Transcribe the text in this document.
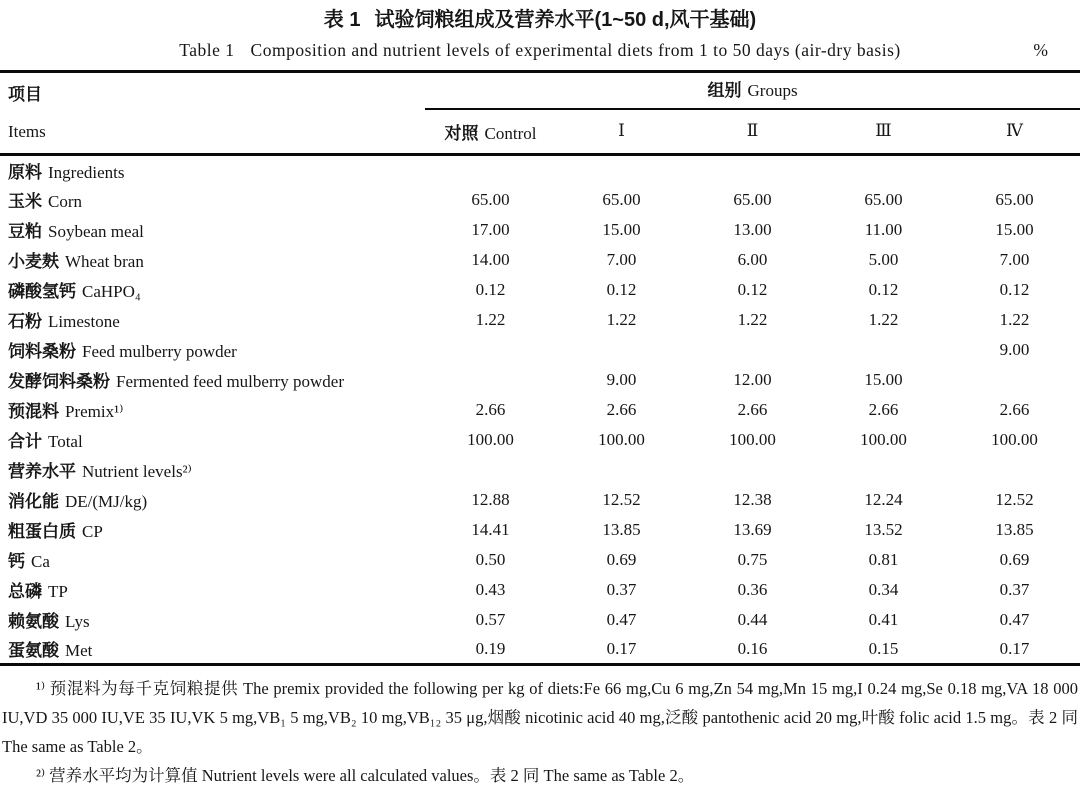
表 1 试验饲粮组成及营养水平(1~50 d,风干基础)
Table 1 Composition and nutrient levels of experimental diets from 1 to 50 days (air-dry basis)	%
项目
Items	组别 Groups				
	对照 Control	Ⅰ	Ⅱ	Ⅲ	Ⅳ
原料 Ingredients					
玉米 Corn	65.00	65.00	65.00	65.00	65.00
豆粕 Soybean meal	17.00	15.00	13.00	11.00	15.00
小麦麸 Wheat bran	14.00	7.00	6.00	5.00	7.00
磷酸氢钙 CaHPO₄	0.12	0.12	0.12	0.12	0.12
石粉 Limestone	1.22	1.22	1.22	1.22	1.22
饲料桑粉 Feed mulberry powder					9.00
发酵饲料桑粉 Fermented feed mulberry powder		9.00	12.00	15.00	
预混料 Premix¹⁾	2.66	2.66	2.66	2.66	2.66
合计 Total	100.00	100.00	100.00	100.00	100.00
营养水平 Nutrient levels²⁾					
消化能 DE/(MJ/kg)	12.88	12.52	12.38	12.24	12.52
粗蛋白质 CP	14.41	13.85	13.69	13.52	13.85
钙 Ca	0.50	0.69	0.75	0.81	0.69
总磷 TP	0.43	0.37	0.36	0.34	0.37
赖氨酸 Lys	0.57	0.47	0.44	0.41	0.47
蛋氨酸 Met	0.19	0.17	0.16	0.15	0.17

¹⁾ 预混料为每千克饲粮提供 The premix provided the following per kg of diets:Fe 66 mg,Cu 6 mg,Zn 54 mg,Mn 15 mg,I 0.24 mg,Se 0.18 mg,VA 18 000 IU,VD 35 000 IU,VE 35 IU,VK 5 mg,VB₁ 5 mg,VB₂ 10 mg,VB₁₂ 35 μg,烟酸 nicotinic acid 40 mg,泛酸 pantothenic acid 20 mg,叶酸 folic acid 1.5 mg。表 2 同 The same as Table 2。

²⁾ 营养水平均为计算值 Nutrient levels were all calculated values。表 2 同 The same as Table 2。
